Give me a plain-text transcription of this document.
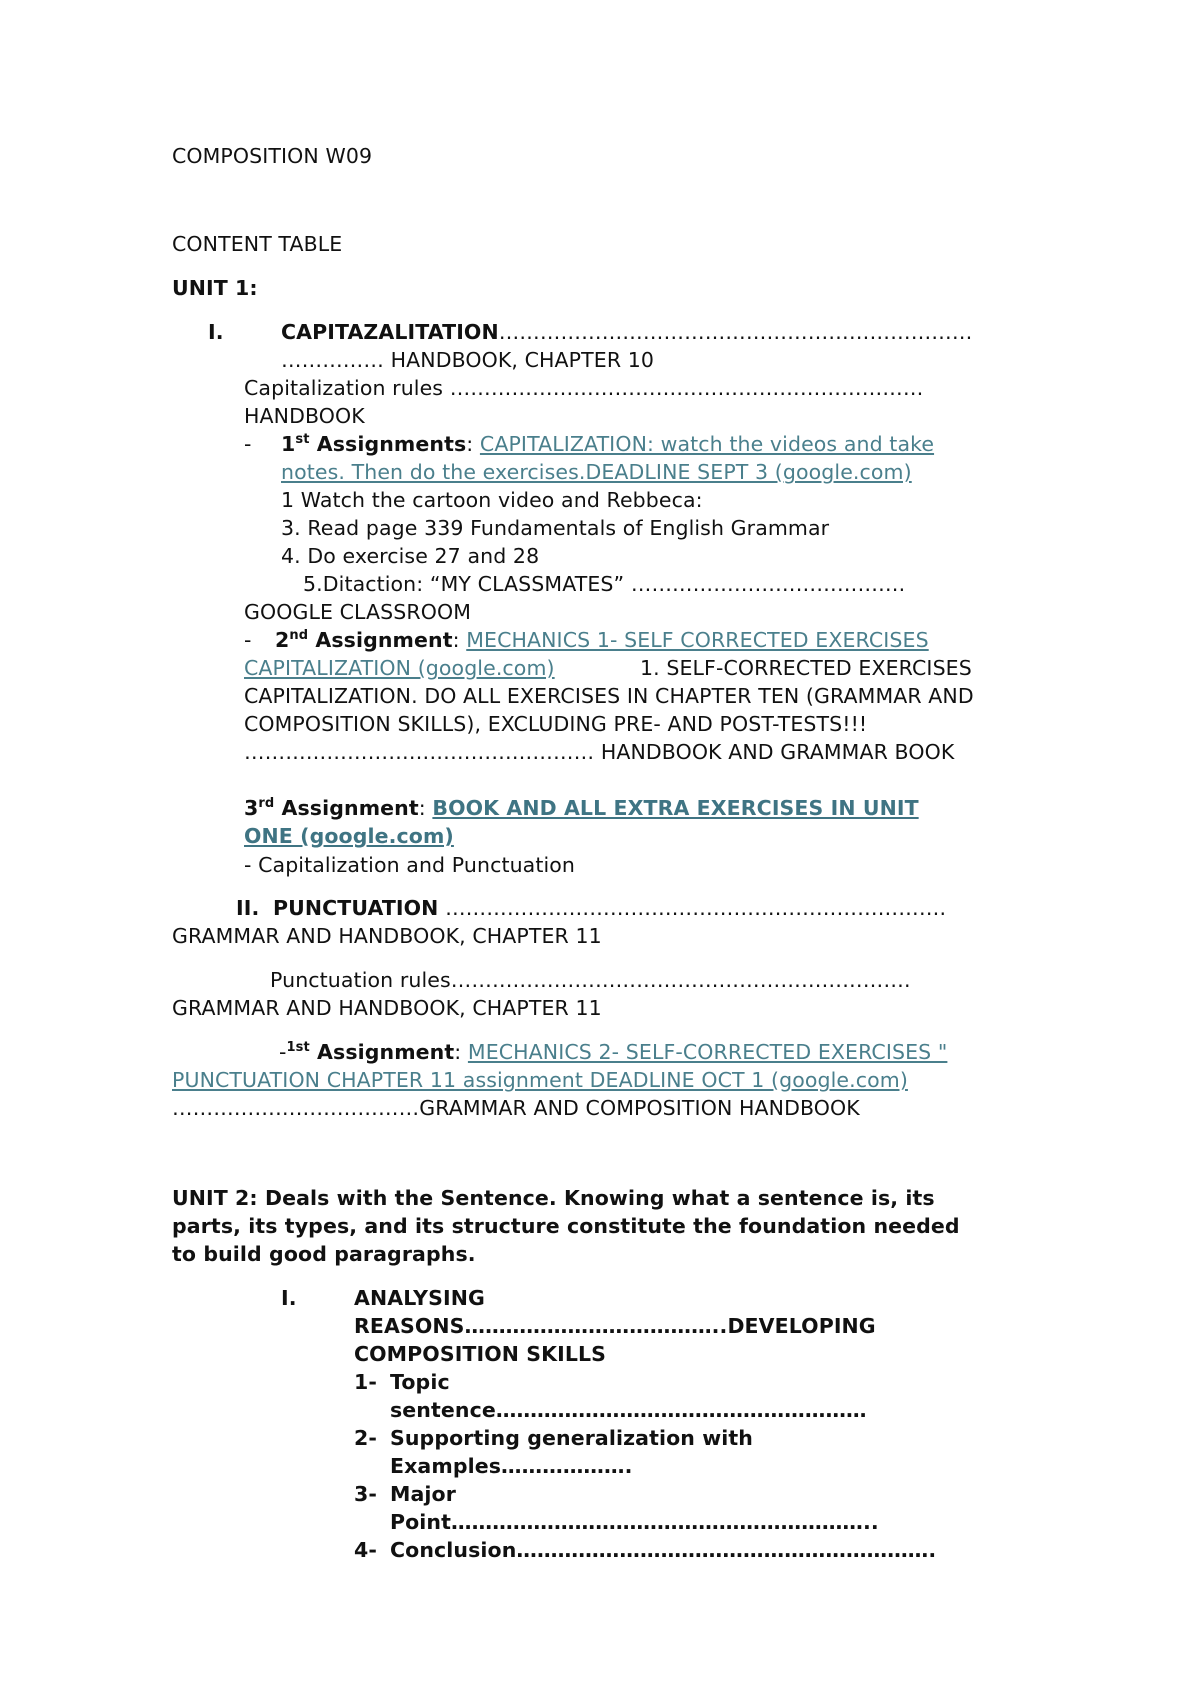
COMPOSITION W09
CONTENT TABLE
UNIT 1:
I.	CAPITAZALITATION……………………………………………………………
…………… HANDBOOK, CHAPTER 10
Capitalization rules ……………………………………………………………
HANDBOOK
- 1st Assignments: CAPITALIZATION: watch the videos and take
notes. Then do the exercises.DEADLINE SEPT 3 (google.com)
1 Watch the cartoon video and Rebbeca:
3. Read page 339 Fundamentals of English Grammar
4. Do exercise 27 and 28
5.Ditaction: “MY CLASSMATES” ………………………………….
GOOGLE CLASSROOM
- 2nd Assignment: MECHANICS 1- SELF CORRECTED EXERCISES
CAPITALIZATION (google.com)	1. SELF-CORRECTED EXERCISES
CAPITALIZATION. DO ALL EXERCISES IN CHAPTER TEN (GRAMMAR AND
COMPOSITION SKILLS), EXCLUDING PRE- AND POST-TESTS!!!
…………………………………………… HANDBOOK AND GRAMMAR BOOK
3rd Assignment: BOOK AND ALL EXTRA EXERCISES IN UNIT
ONE (google.com)
- Capitalization and Punctuation
II. PUNCTUATION ……………………………………………………………….
GRAMMAR AND HANDBOOK, CHAPTER 11
Punctuation rules………………………………………………………….
GRAMMAR AND HANDBOOK, CHAPTER 11
-$^{1st}$ Assignment: MECHANICS 2- SELF-CORRECTED EXERCISES "
PUNCTUATION CHAPTER 11 assignment DEADLINE OCT 1 (google.com)
………………………………GRAMMAR AND COMPOSITION HANDBOOK
UNIT 2: Deals with the Sentence. Knowing what a sentence is, its
parts, its types, and its structure constitute the foundation needed
to build good paragraphs.
I.	ANALYSING
REASONS………………………………..DEVELOPING
COMPOSITION SKILLS
1- Topic
sentence………………………………………………
2- Supporting generalization with
Examples……………….
3- Major
Point……………………………………………………..
4- Conclusion…………………………………………………….
